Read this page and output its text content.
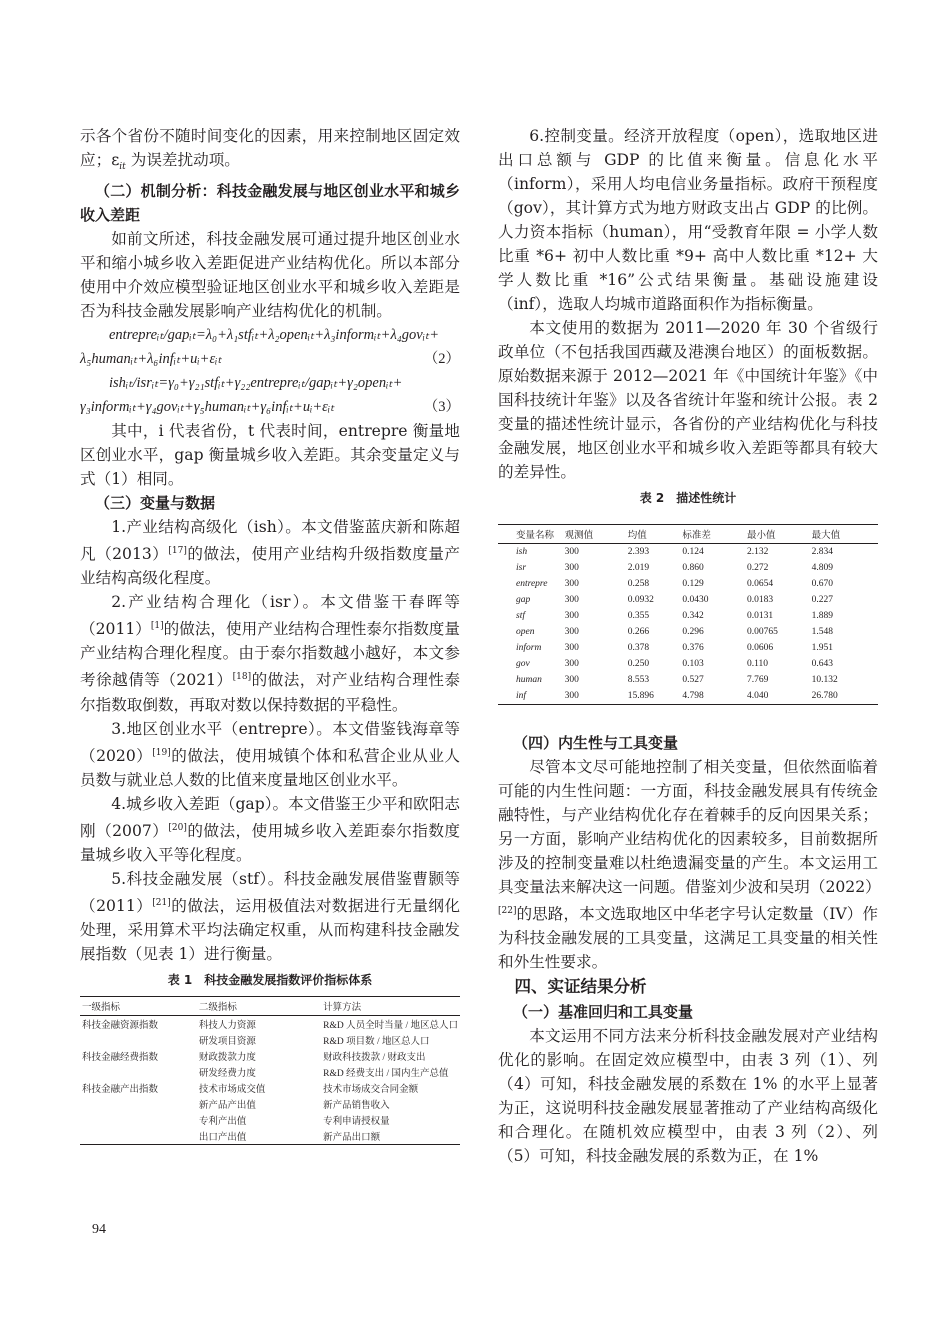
示各个省份不随时间变化的因素，用来控制地区固定效应；$\varepsilon_{it}$ 为误差扰动项。

（二）机制分析：科技金融发展与地区创业水平和城乡收入差距

如前文所述，科技金融发展可通过提升地区创业水平和缩小城乡收入差距促进产业结构优化。所以本部分使用中介效应模型验证地区创业水平和城乡收入差距是否为科技金融发展影响产业结构优化的机制。

entrepreᵢₜ/gapᵢₜ=λ₀+λ₁stfᵢₜ+λ₂openᵢₜ+λ₃informᵢₜ+λ₄govᵢₜ+
λ₅humanᵢₜ+λ₆infᵢₜ+uᵢ+εᵢₜ	（2）
ishᵢₜ/isrᵢₜ=γ₀+γ₂₁stfᵢₜ+γ₂₂entrepreᵢₜ/gapᵢₜ+γ₂openᵢₜ+
γ₃informᵢₜ+γ₄govᵢₜ+γ₅humanᵢₜ+γ₆infᵢₜ+uᵢ+εᵢₜ	（3）

其中，i 代表省份，t 代表时间，entrepre 衡量地区创业水平，gap 衡量城乡收入差距。其余变量定义与式（1）相同。

（三）变量与数据

1.产业结构高级化（ish）。本文借鉴蓝庆新和陈超凡（2013）[17]的做法，使用产业结构升级指数度量产业结构高级化程度。

2.产业结构合理化（isr）。本文借鉴干春晖等（2011）[1]的做法，使用产业结构合理性泰尔指数度量产业结构合理化程度。由于泰尔指数越小越好，本文参考徐越倩等（2021）[18]的做法，对产业结构合理性泰尔指数取倒数，再取对数以保持数据的平稳性。

3.地区创业水平（entrepre）。本文借鉴钱海章等（2020）[19]的做法，使用城镇个体和私营企业从业人员数与就业总人数的比值来度量地区创业水平。

4.城乡收入差距（gap）。本文借鉴王少平和欧阳志刚（2007）[20]的做法，使用城乡收入差距泰尔指数度量城乡收入平等化程度。

5.科技金融发展（stf）。科技金融发展借鉴曹颢等（2011）[21]的做法，运用极值法对数据进行无量纲化处理，采用算术平均法确定权重，从而构建科技金融发展指数（见表 1）进行衡量。

表 1　科技金融发展指数评价指标体系
一级指标	二级指标	计算方法
科技金融资源指数	科技人力资源	R&D 人员全时当量 / 地区总人口
	研发项目资源	R&D 项目数 / 地区总人口
科技金融经费指数	财政拨款力度	财政科技拨款 / 财政支出
	研发经费力度	R&D 经费支出 / 国内生产总值
科技金融产出指数	技术市场成交值	技术市场成交合同金额
	新产品产出值	新产品销售收入
	专利产出值	专利申请授权量
	出口产出值	新产品出口额

6.控制变量。经济开放程度（open），选取地区进出口总额与 GDP 的比值来衡量。信息化水平（inform），采用人均电信业务量指标。政府干预程度（gov），其计算方式为地方财政支出占 GDP 的比例。人力资本指标（human），用“受教育年限 = 小学人数比重 *6+ 初中人数比重 *9+ 高中人数比重 *12+ 大学人数比重 *16”公式结果衡量。基础设施建设（inf），选取人均城市道路面积作为指标衡量。

本文使用的数据为 2011—2020 年 30 个省级行政单位（不包括我国西藏及港澳台地区）的面板数据。原始数据来源于 2012—2021 年《中国统计年鉴》《中国科技统计年鉴》以及各省统计年鉴和统计公报。表 2 变量的描述性统计显示，各省份的产业结构优化与科技金融发展，地区创业水平和城乡收入差距等都具有较大的差异性。

表 2　描述性统计
变量名称	观测值	均值	标准差	最小值	最大值
ish	300	2.393	0.124	2.132	2.834
isr	300	2.019	0.860	0.272	4.809
entrepre	300	0.258	0.129	0.0654	0.670
gap	300	0.0932	0.0430	0.0183	0.227
stf	300	0.355	0.342	0.0131	1.889
open	300	0.266	0.296	0.00765	1.548
inform	300	0.378	0.376	0.0606	1.951
gov	300	0.250	0.103	0.110	0.643
human	300	8.553	0.527	7.769	10.132
inf	300	15.896	4.798	4.040	26.780

（四）内生性与工具变量

尽管本文尽可能地控制了相关变量，但依然面临着可能的内生性问题：一方面，科技金融发展具有传统金融特性，与产业结构优化存在着棘手的反向因果关系；另一方面，影响产业结构优化的因素较多，目前数据所涉及的控制变量难以杜绝遗漏变量的产生。本文运用工具变量法来解决这一问题。借鉴刘少波和吴玥（2022）[22]的思路，本文选取地区中华老字号认定数量（IV）作为科技金融发展的工具变量，这满足工具变量的相关性和外生性要求。

四、实证结果分析

（一）基准回归和工具变量

本文运用不同方法来分析科技金融发展对产业结构优化的影响。在固定效应模型中，由表 3 列（1）、列（4）可知，科技金融发展的系数在 1% 的水平上显著为正，这说明科技金融发展显著推动了产业结构高级化和合理化。在随机效应模型中，由表 3 列（2）、列（5）可知，科技金融发展的系数为正，在 1%

94
